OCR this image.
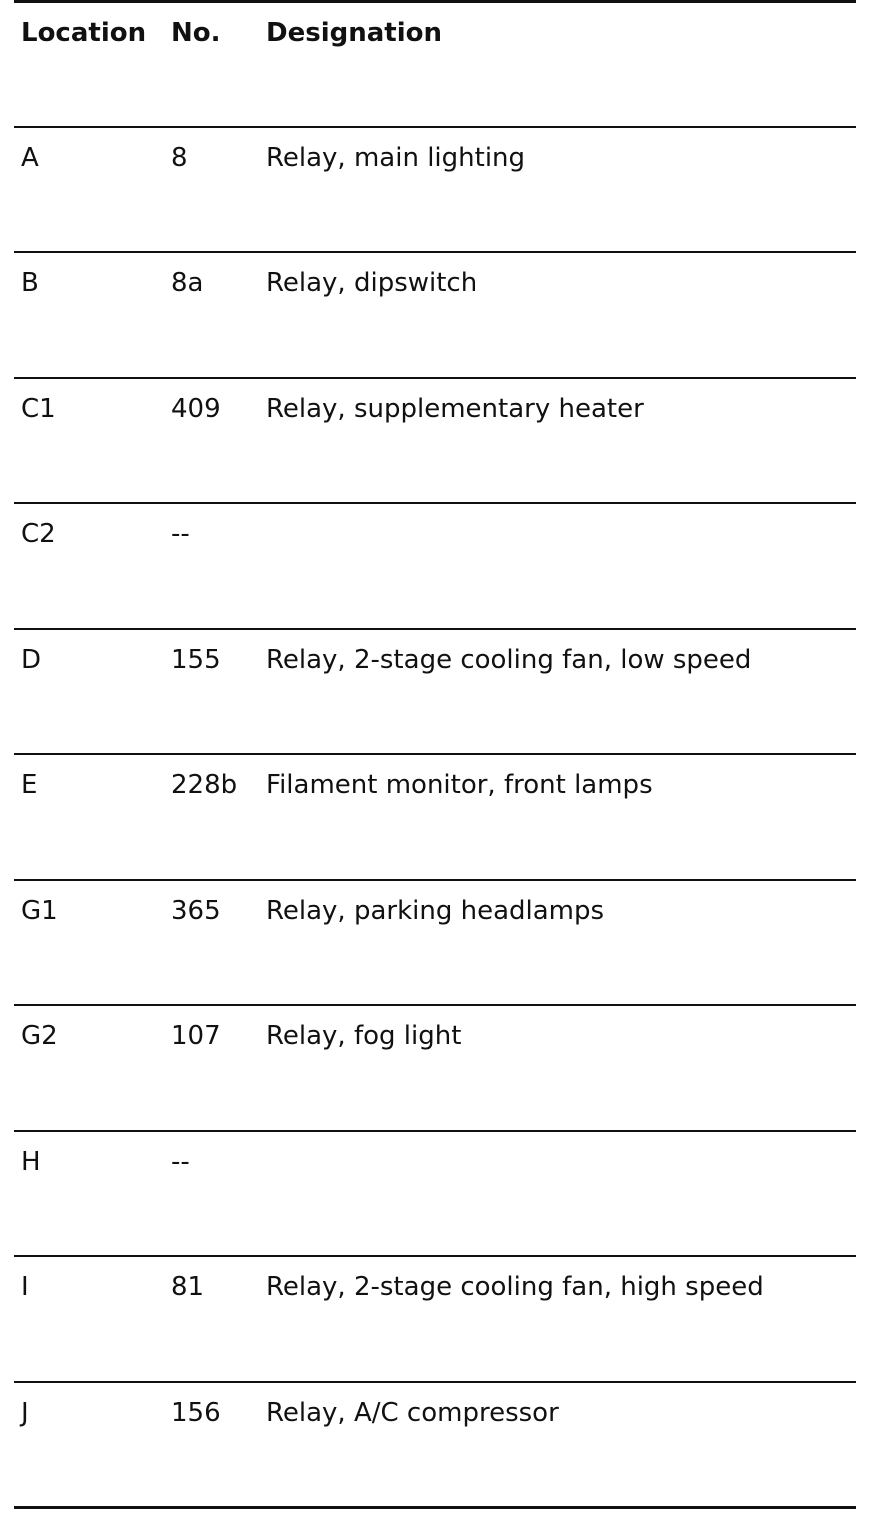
Location No. Designation
A	8	Relay, main lighting
B	8a Relay, dipswitch
C1	409 Relay, supplementary heater
C2	--
D	155 Relay, 2-stage cooling fan, low speed
E	228b Filament monitor, front lamps
G1	365 Relay, parking headlamps
G2	107 Relay, fog light
H	--
I	81 Relay, 2-stage cooling fan, high speed
J	156 Relay, A/C compressor
